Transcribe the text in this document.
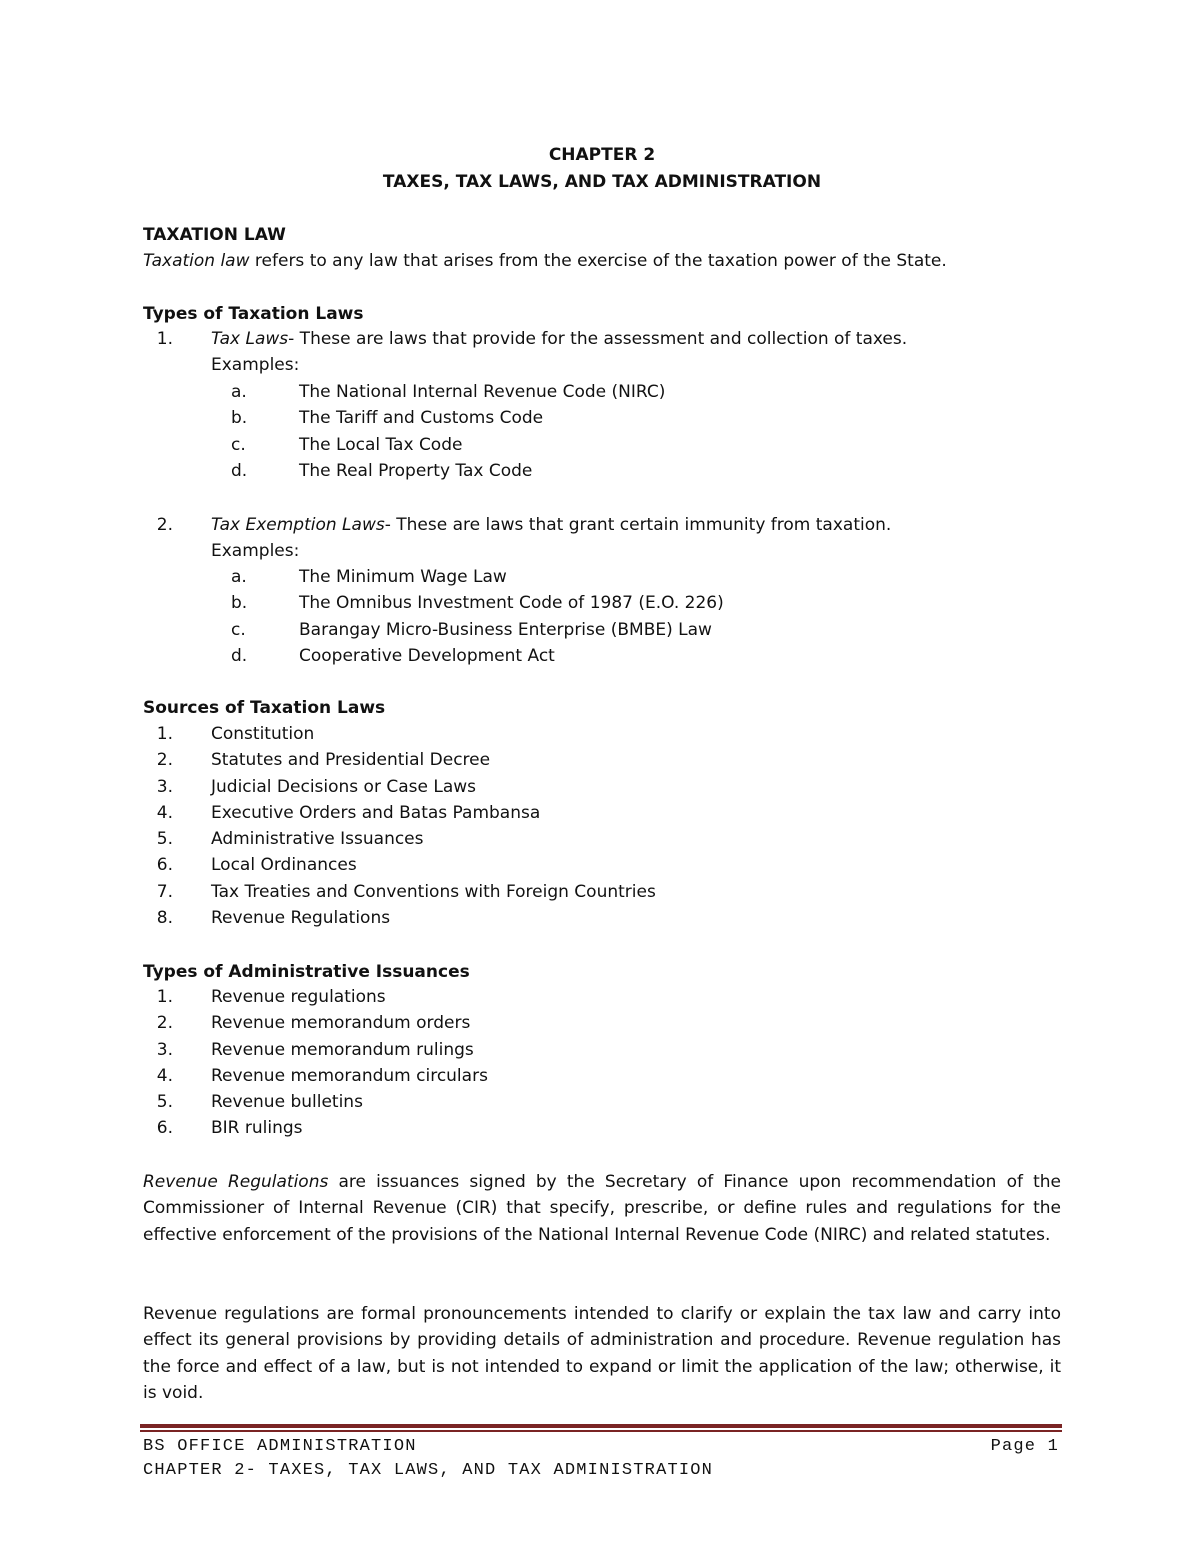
CHAPTER 2
TAXES, TAX LAWS, AND TAX ADMINISTRATION
TAXATION LAW
Taxation law refers to any law that arises from the exercise of the taxation power of the State.
Types of Taxation Laws
1. Tax Laws- These are laws that provide for the assessment and collection of taxes.
Examples:
a.	The National Internal Revenue Code (NIRC)
b.	The Tariff and Customs Code
c.	The Local Tax Code
d.	The Real Property Tax Code
2. Tax Exemption Laws- These are laws that grant certain immunity from taxation.
Examples:
a.	The Minimum Wage Law
b.	The Omnibus Investment Code of 1987 (E.O. 226)
c.	Barangay Micro-Business Enterprise (BMBE) Law
d.	Cooperative Development Act
Sources of Taxation Laws
1. Constitution
2. Statutes and Presidential Decree
3. Judicial Decisions or Case Laws
4. Executive Orders and Batas Pambansa
5. Administrative Issuances
6. Local Ordinances
7. Tax Treaties and Conventions with Foreign Countries
8. Revenue Regulations
Types of Administrative Issuances
1. Revenue regulations
2. Revenue memorandum orders
3. Revenue memorandum rulings
4. Revenue memorandum circulars
5. Revenue bulletins
6. BIR rulings

Revenue Regulations are issuances signed by the Secretary of Finance upon recommendation of the Commissioner of Internal Revenue (CIR) that specify, prescribe, or define rules and regulations for the effective enforcement of the provisions of the National Internal Revenue Code (NIRC) and related statutes.

Revenue regulations are formal pronouncements intended to clarify or explain the tax law and carry into effect its general provisions by providing details of administration and procedure. Revenue regulation has the force and effect of a law, but is not intended to expand or limit the application of the law; otherwise, it is void.

BS OFFICE ADMINISTRATION	Page 1
CHAPTER 2- TAXES, TAX LAWS, AND TAX ADMINISTRATION
